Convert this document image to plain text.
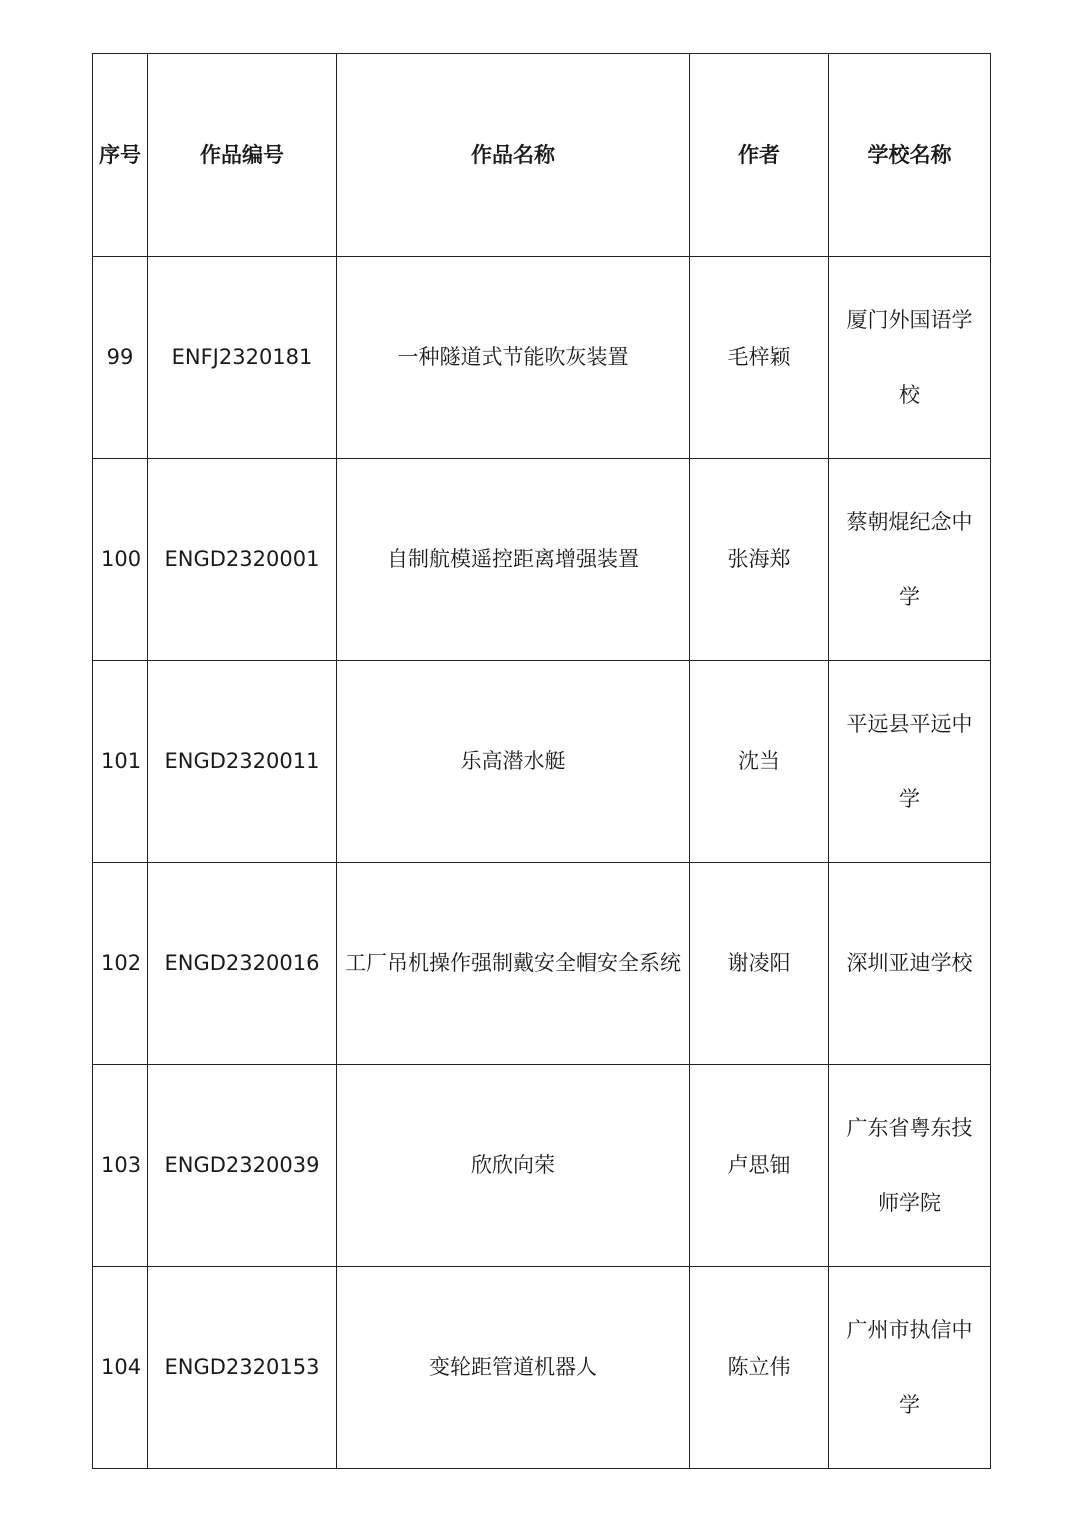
序号	作品编号	作品名称	作者	学校名称
99	ENFJ2320181	一种隧道式节能吹灰装置	毛梓颖	厦门外国语学校
100	ENGD2320001	自制航模遥控距离增强装置	张海郑	蔡朝焜纪念中学
101	ENGD2320011	乐高潜水艇	沈当	平远县平远中学
102	ENGD2320016	工厂吊机操作强制戴安全帽安全系统	谢凌阳	深圳亚迪学校
103	ENGD2320039	欣欣向荣	卢思钿	广东省粤东技师学院
104	ENGD2320153	变轮距管道机器人	陈立伟	广州市执信中学
